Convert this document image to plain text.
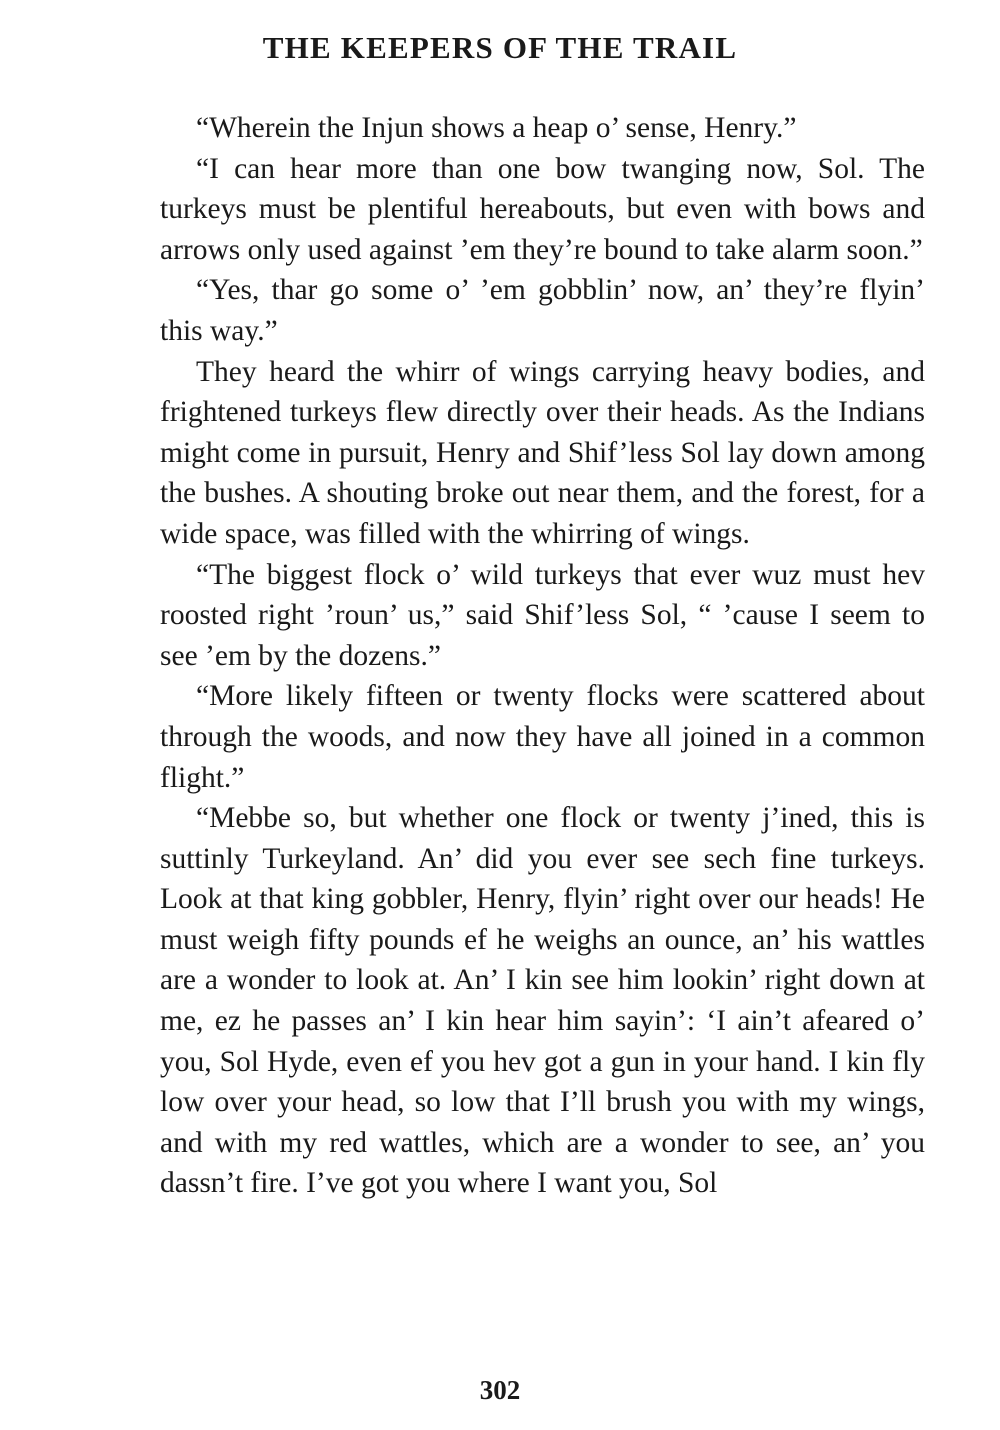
THE KEEPERS OF THE TRAIL

“Wherein the Injun shows a heap o’ sense, Henry.”

“I can hear more than one bow twanging now, Sol. The turkeys must be plentiful hereabouts, but even with bows and arrows only used against ’em they’re bound to take alarm soon.”

“Yes, thar go some o’ ’em gobblin’ now, an’ they’re flyin’ this way.”

They heard the whirr of wings carrying heavy bodies, and frightened turkeys flew directly over their heads. As the Indians might come in pursuit, Henry and Shif’less Sol lay down among the bushes. A shouting broke out near them, and the forest, for a wide space, was filled with the whirring of wings.

“The biggest flock o’ wild turkeys that ever wuz must hev roosted right ’roun’ us,” said Shif’less Sol, “ ’cause I seem to see ’em by the dozens.”

“More likely fifteen or twenty flocks were scattered about through the woods, and now they have all joined in a common flight.”

“Mebbe so, but whether one flock or twenty j’ined, this is suttinly Turkeyland. An’ did you ever see sech fine turkeys. Look at that king gobbler, Henry, flyin’ right over our heads! He must weigh fifty pounds ef he weighs an ounce, an’ his wattles are a wonder to look at. An’ I kin see him lookin’ right down at me, ez he passes an’ I kin hear him sayin’: ‘I ain’t afeared o’ you, Sol Hyde, even ef you hev got a gun in your hand. I kin fly low over your head, so low that I’ll brush you with my wings, and with my red wattles, which are a wonder to see, an’ you dassn’t fire. I’ve got you where I want you, Sol

302
